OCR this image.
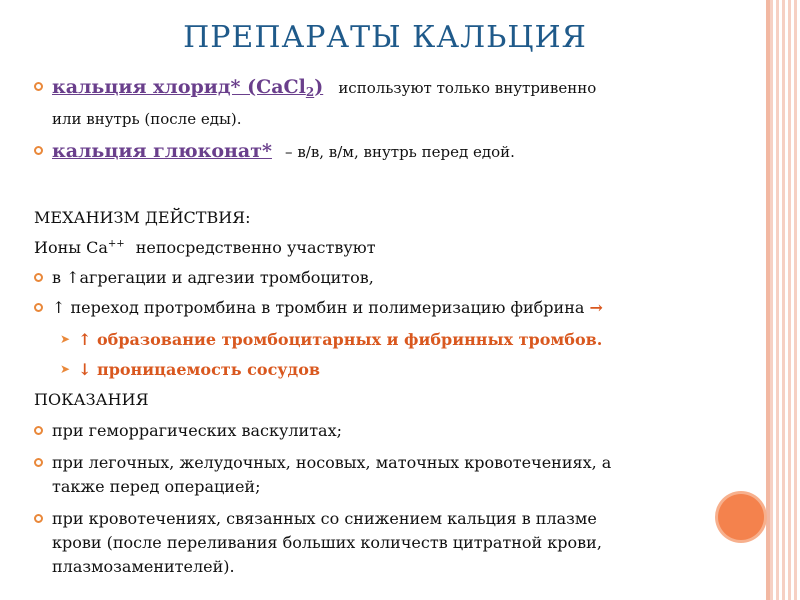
ПРЕПАРАТЫ КАЛЬЦИЯ
кальция хлорид* (CaCl2) используют только внутривенно
или внутрь (после еды).
кальция глюконат* – в/в, в/м, внутрь перед едой.
МЕХАНИЗМ ДЕЙСТВИЯ:
Ионы Са++ непосредственно участвуют
в ↑агрегации и адгезии тромбоцитов,
↑ переход протромбина в тромбин и полимеризацию фибрина →
➤ ↑ образование тромбоцитарных и фибринных тромбов.
➤ ↓ проницаемость сосудов
ПОКАЗАНИЯ
при геморрагических васкулитах;
при легочных, желудочных, носовых, маточных кровотечениях, а
также перед операцией;
при кровотечениях, связанных со снижением кальция в плазме
крови (после переливания больших количеств цитратной крови,
плазмозаменителей).
